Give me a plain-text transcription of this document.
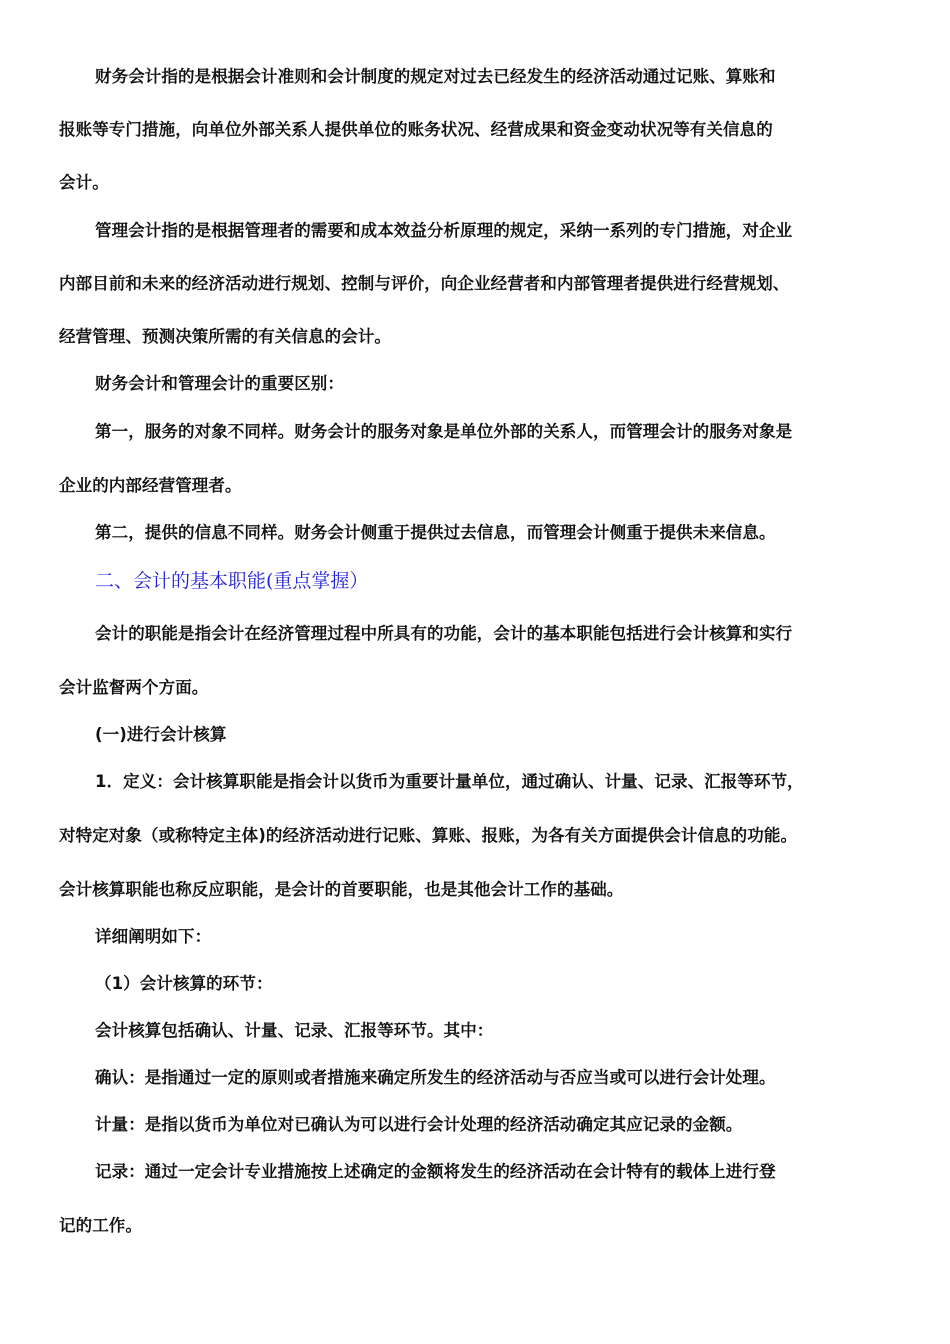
财务会计指的是根据会计准则和会计制度的规定对过去已经发生的经济活动通过记账、算账和
报账等专门措施，向单位外部关系人提供单位的账务状况、经营成果和资金变动状况等有关信息的
会计。
管理会计指的是根据管理者的需要和成本效益分析原理的规定，采纳一系列的专门措施，对企业
内部目前和未来的经济活动进行规划、控制与评价，向企业经营者和内部管理者提供进行经营规划、
经营管理、预测决策所需的有关信息的会计。
财务会计和管理会计的重要区别：
第一，服务的对象不同样。财务会计的服务对象是单位外部的关系人，而管理会计的服务对象是
企业的内部经营管理者。
第二，提供的信息不同样。财务会计侧重于提供过去信息，而管理会计侧重于提供未来信息。
会计的职能是指会计在经济管理过程中所具有的功能，会计的基本职能包括进行会计核算和实行
会计监督两个方面。
(一)进行会计核算
1．定义：会计核算职能是指会计以货币为重要计量单位，通过确认、计量、记录、汇报等环节，
对特定对象（或称特定主体)的经济活动进行记账、算账、报账，为各有关方面提供会计信息的功能。
会计核算职能也称反应职能，是会计的首要职能，也是其他会计工作的基础。
详细阐明如下：
（1）会计核算的环节：
会计核算包括确认、计量、记录、汇报等环节。其中：
确认：是指通过一定的原则或者措施来确定所发生的经济活动与否应当或可以进行会计处理。
计量：是指以货币为单位对已确认为可以进行会计处理的经济活动确定其应记录的金额。
记录：通过一定会计专业措施按上述确定的金额将发生的经济活动在会计特有的载体上进行登
记的工作。
二、会计的基本职能(重点掌握）
